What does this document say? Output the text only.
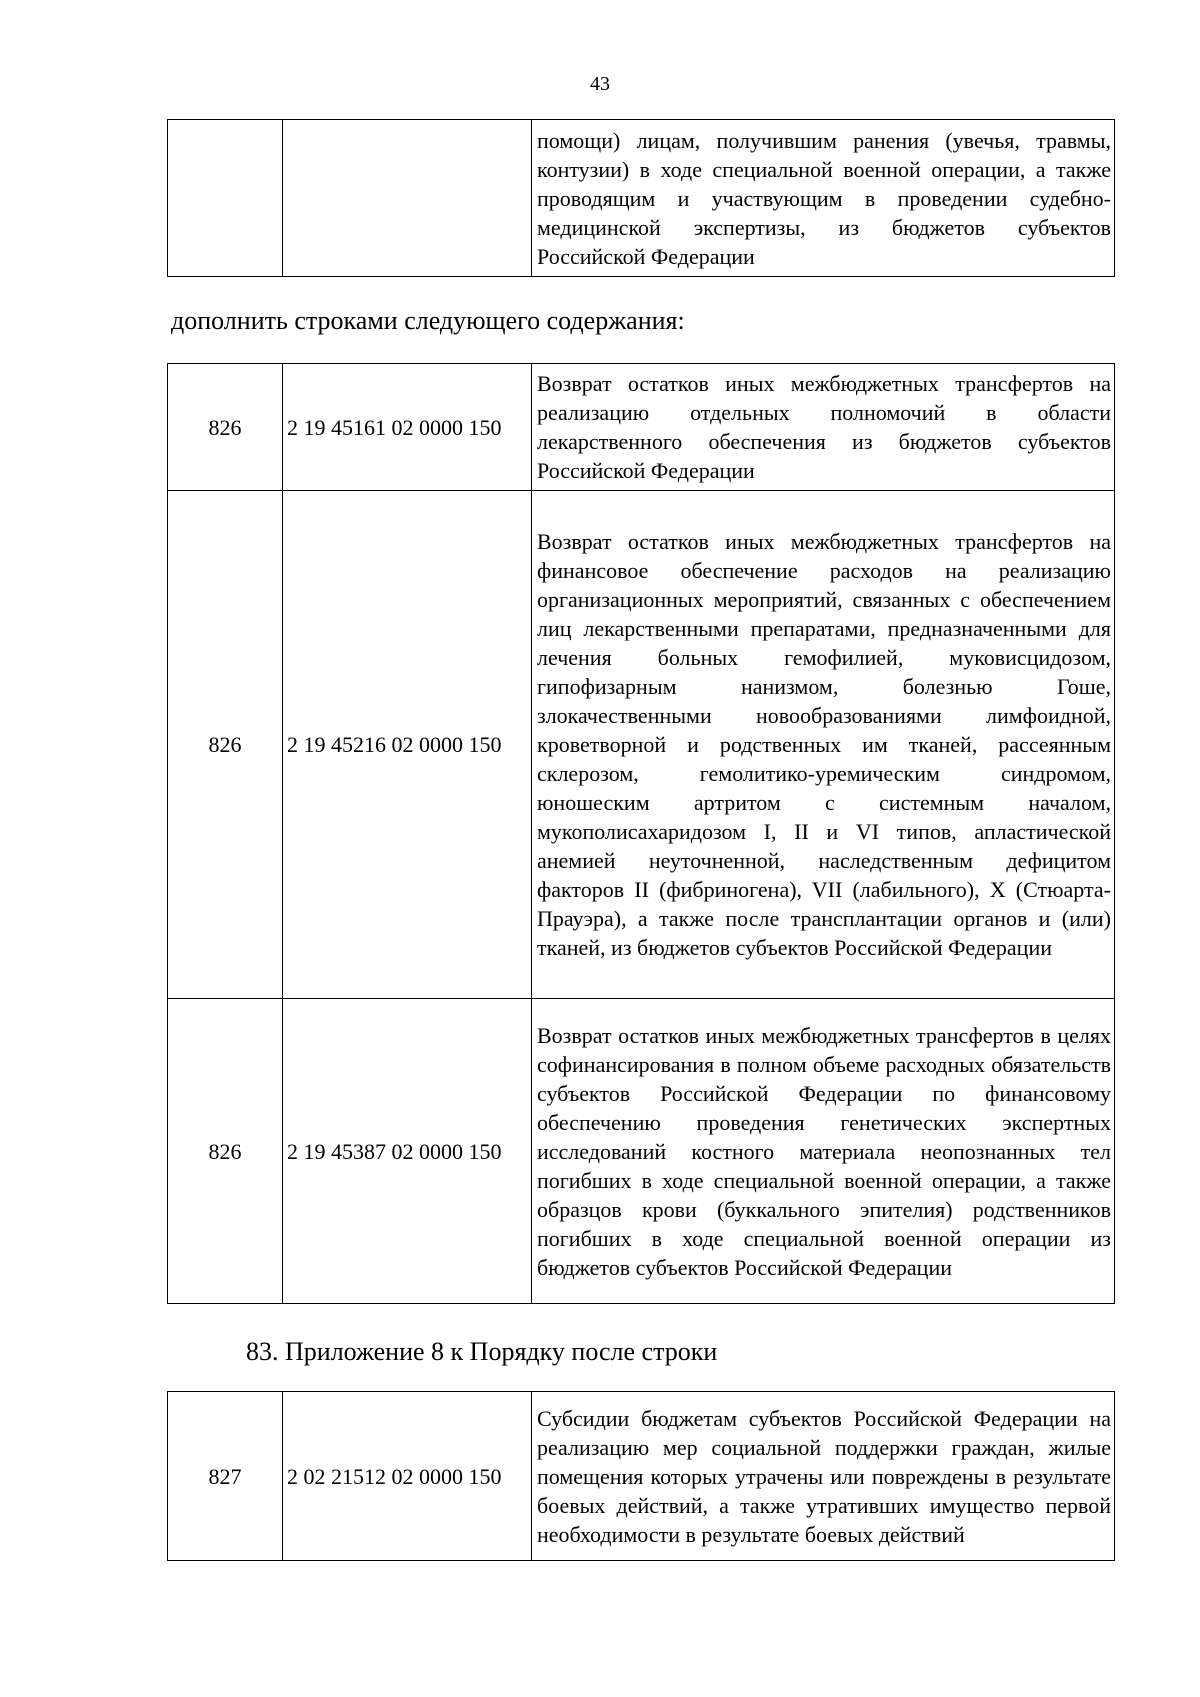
43
		помощи) лицам, получившим ранения (увечья, травмы, контузии) в ходе специальной военной операции, а также проводящим и участвующим в проведении судебно-медицинской экспертизы, из бюджетов субъектов Российской Федерации
дополнить строками следующего содержания:
826	2 19 45161 02 0000 150	Возврат остатков иных межбюджетных трансфертов на реализацию отдельных полномочий в области лекарственного обеспечения из бюджетов субъектов Российской Федерации
826	2 19 45216 02 0000 150	Возврат остатков иных межбюджетных трансфертов на финансовое обеспечение расходов на реализацию организационных мероприятий, связанных с обеспечением лиц лекарственными препаратами, предназначенными для лечения больных гемофилией, муковисцидозом, гипофизарным нанизмом, болезнью Гоше, злокачественными новообразованиями лимфоидной, кроветворной и родственных им тканей, рассеянным склерозом, гемолитико-уремическим синдромом, юношеским артритом с системным началом, мукополисахаридозом I, II и VI типов, апластической анемией неуточненной, наследственным дефицитом факторов II (фибриногена), VII (лабильного), X (Стюарта-Прауэра), а также после трансплантации органов и (или) тканей, из бюджетов субъектов Российской Федерации
826	2 19 45387 02 0000 150	Возврат остатков иных межбюджетных трансфертов в целях софинансирования в полном объеме расходных обязательств субъектов Российской Федерации по финансовому обеспечению проведения генетических экспертных исследований костного материала неопознанных тел погибших в ходе специальной военной операции, а также образцов крови (буккального эпителия) родственников погибших в ходе специальной военной операции из бюджетов субъектов Российской Федерации
83. Приложение 8 к Порядку после строки
827	2 02 21512 02 0000 150	Субсидии бюджетам субъектов Российской Федерации на реализацию мер социальной поддержки граждан, жилые помещения которых утрачены или повреждены в результате боевых действий, а также утративших имущество первой необходимости в результате боевых действий
